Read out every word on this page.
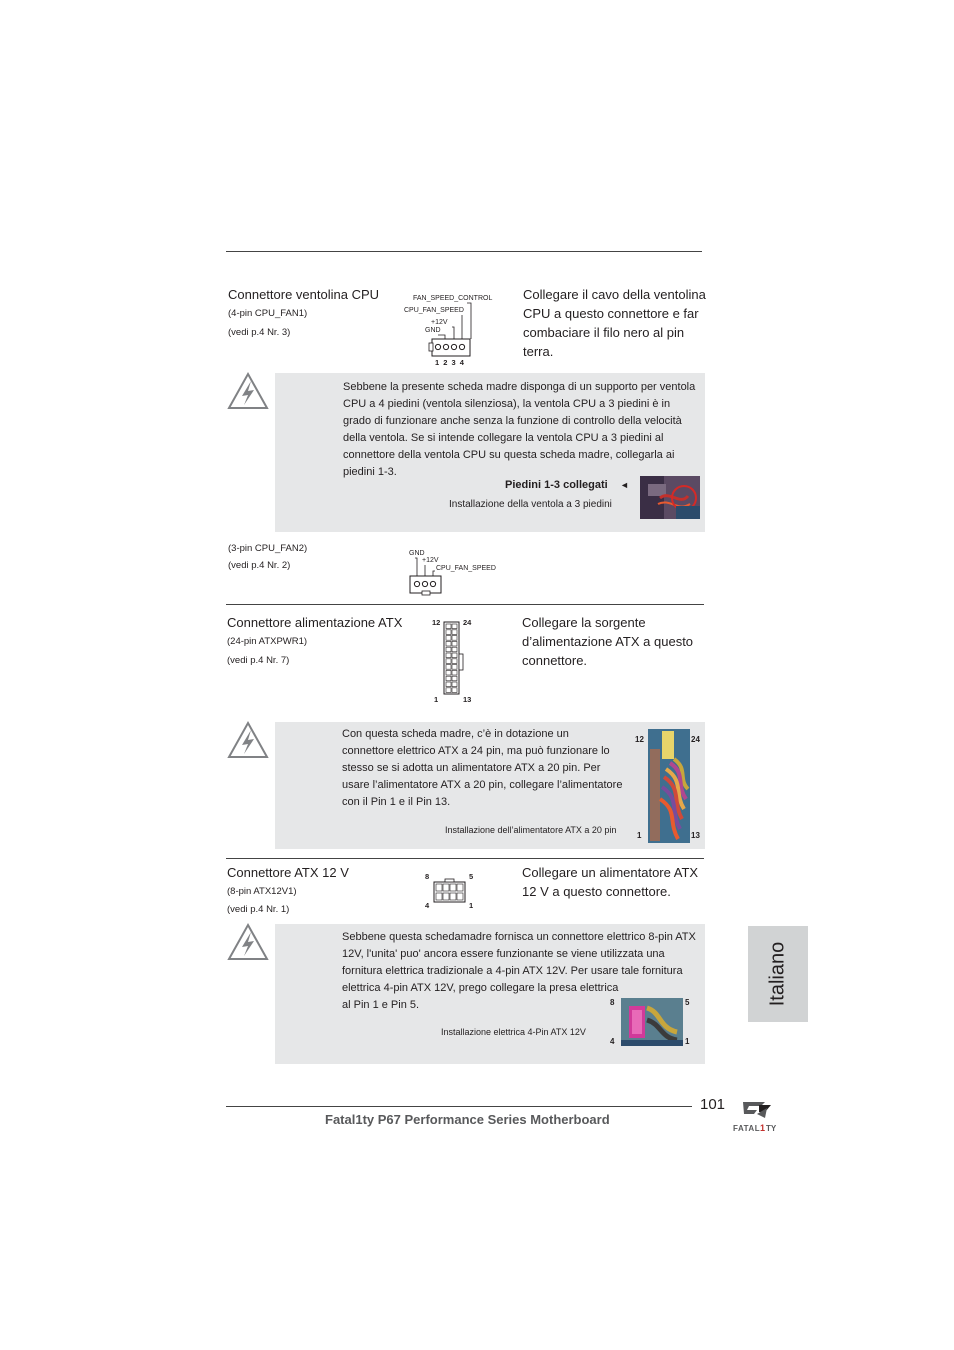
Connettore ventolina CPU
(4-pin CPU_FAN1)
(vedi p.4 Nr. 3)
FAN_SPEED_CONTROL
CPU_FAN_SPEED
+12V
GND
1 2 3 4
Collegare il cavo della ventolina
CPU a questo connettore e far
combaciare il filo nero al pin
terra.
Sebbene la presente scheda madre disponga di un supporto per ventola
CPU a 4 piedini (ventola silenziosa), la ventola CPU a 3 piedini è in
grado di funzionare anche senza la funzione di controllo della velocità
della ventola. Se si intende collegare la ventola CPU a 3 piedini al
connettore della ventola CPU su questa scheda madre, collegarla ai
piedini 1-3.
Piedini 1-3 collegati ◄
Installazione della ventola a 3 piedini
(3-pin CPU_FAN2)
(vedi p.4 Nr. 2)
GND
+12V
CPU_FAN_SPEED
Connettore alimentazione ATX
(24-pin ATXPWR1)
(vedi p.4 Nr. 7)
12	24
1	13
Collegare la sorgente
d’alimentazione ATX a questo
connettore.
Con questa scheda madre, c’è in dotazione un
connettore elettrico ATX a 24 pin, ma può funzionare lo
stesso se si adotta un alimentatore ATX a 20 pin. Per
usare l’alimentatore ATX a 20 pin, collegare l’alimentatore
con il Pin 1 e il Pin 13.
Installazione dell’alimentatore ATX a 20 pin
12	24
1	13
Connettore ATX 12 V
(8-pin ATX12V1)
(vedi p.4 Nr. 1)
8	5
4	1
Collegare un alimentatore ATX
12 V a questo connettore.
Sebbene questa schedamadre fornisca un connettore elettrico 8-pin ATX
12V, l'unita' puo' ancora essere funzionante se viene utilizzata una
fornitura elettrica tradizionale a 4-pin ATX 12V. Per usare tale fornitura
elettrica 4-pin ATX 12V, prego collegare la presa elettrica
al Pin 1 e Pin 5.
Installazione elettrica 4-Pin ATX 12V
8	5
4	1
Italiano
101
Fatal1ty P67 Performance Series Motherboard
FATAL 1 TY
